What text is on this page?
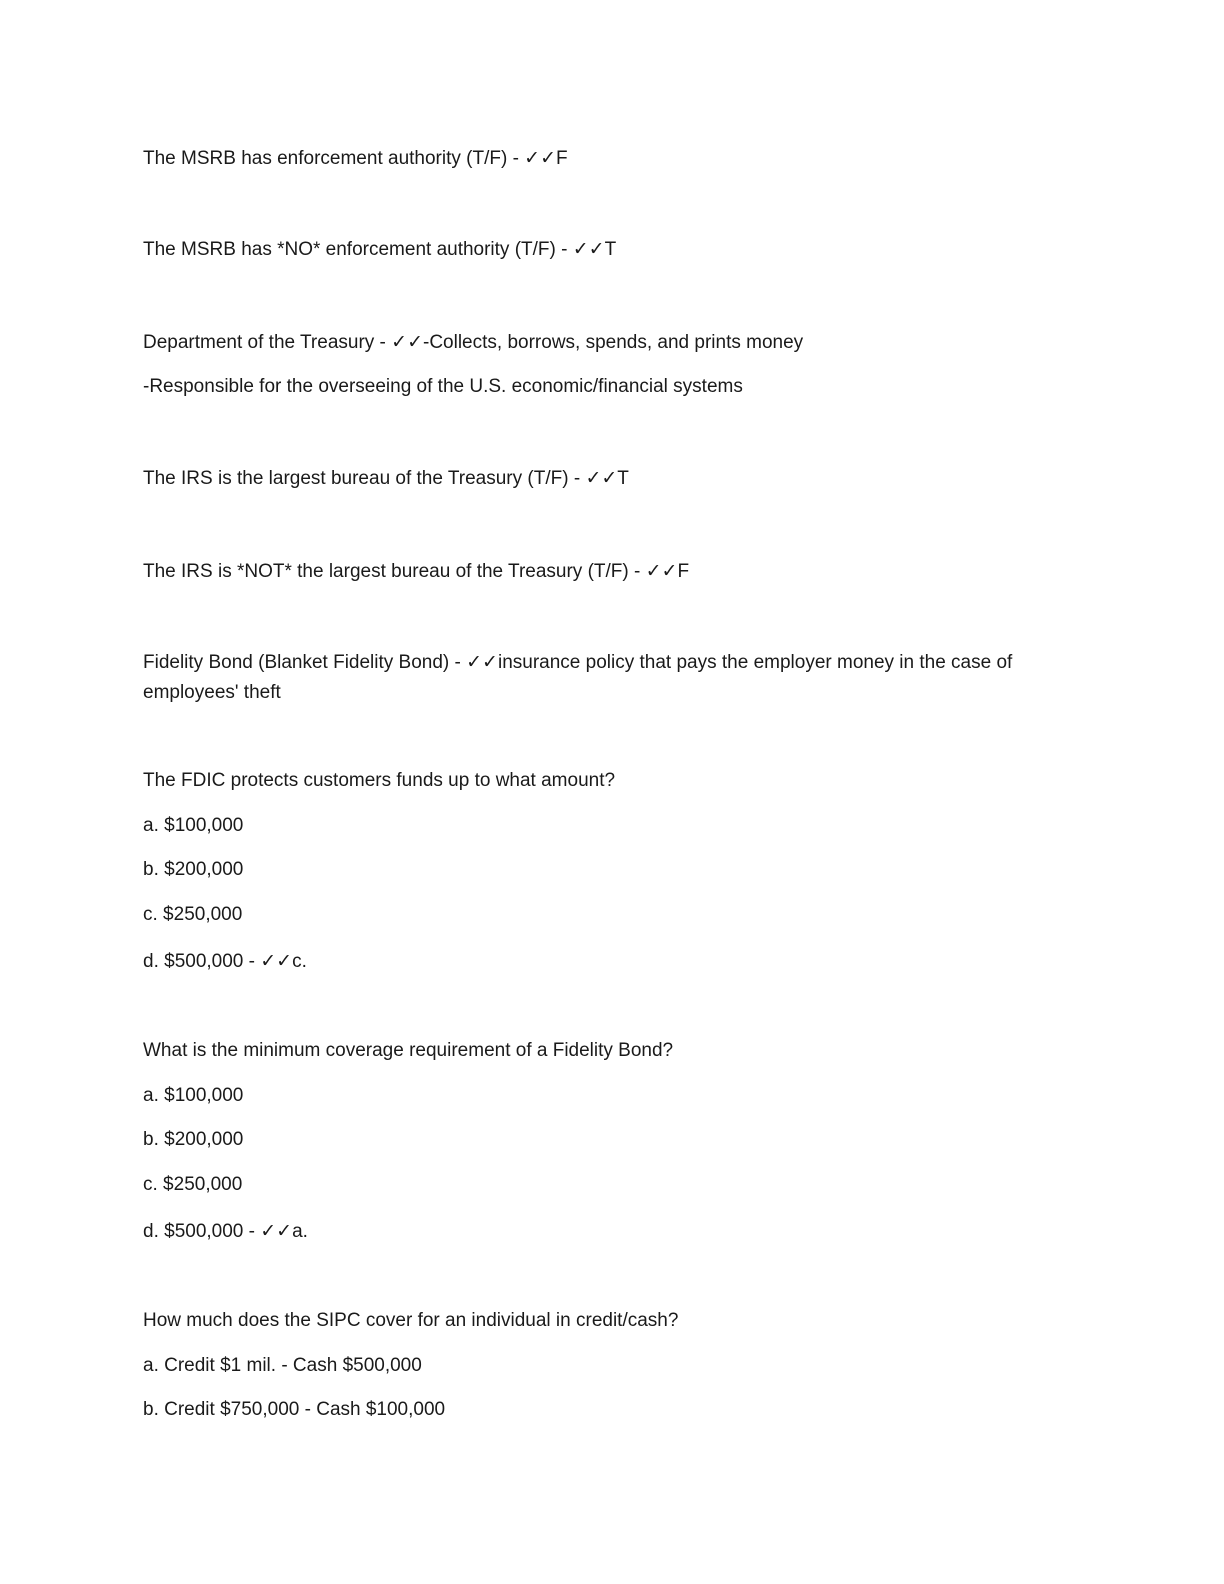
The MSRB has enforcement authority (T/F) - ✓✓F
The MSRB has *NO* enforcement authority (T/F) - ✓✓T
Department of the Treasury - ✓✓-Collects, borrows, spends, and prints money
-Responsible for the overseeing of the U.S. economic/financial systems
The IRS is the largest bureau of the Treasury (T/F) - ✓✓T
The IRS is *NOT* the largest bureau of the Treasury (T/F) - ✓✓F
Fidelity Bond (Blanket Fidelity Bond) - ✓✓insurance policy that pays the employer money in the case of employees' theft
The FDIC protects customers funds up to what amount?
a. $100,000
b. $200,000
c. $250,000
d. $500,000 - ✓✓c.
What is the minimum coverage requirement of a Fidelity Bond?
a. $100,000
b. $200,000
c. $250,000
d. $500,000 - ✓✓a.
How much does the SIPC cover for an individual in credit/cash?
a. Credit $1 mil. - Cash $500,000
b. Credit $750,000 - Cash $100,000
